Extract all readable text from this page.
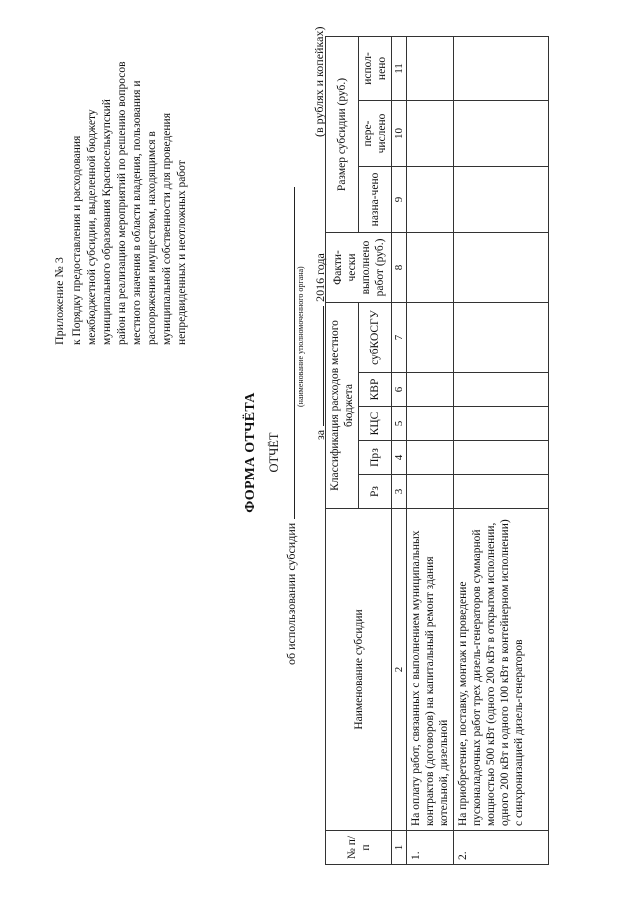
Приложение № 3 к Порядку предоставления и расходования межбюджетной субсидии, выделенной бюджету муниципального образования Красноселькупский район на реализацию мероприятий по решению вопросов местного значения в области владения, пользования и распоряжения имуществом, находящимся в муниципальной собственности для проведения непредвиденных и неотложных работ
ФОРМА ОТЧЁТА ОТЧЁТ
об использовании субсидии
(наименование уполномоченного органа)
за2016 года
(в рублях и копейках)
№ п/п	Наименование субсидии	Классификация расходов местного бюджета					Факти-чески выполнено работ (руб.)	Размер субсидии (руб.)		
		Рз	Прз	КЦС	КВР	субКОСГУ		назна-чено	пере-числено	испол-нено
1	2	3	4	5	6	7	8	9	10	11
1.	На оплату работ, связанных с выполнением муниципальных контрактов (договоров) на капитальный ремонт здания котельной, дизельной									
2.	На приобретение, поставку, монтаж и проведение пусконаладочных работ трех дизель-генераторов суммарной мощностью 500 кВт (одного 200 кВт в открытом исполнении, одного 200 кВт и одного 100 кВт в контейнерном исполнении) с синхронизацией дизель-генераторов									
